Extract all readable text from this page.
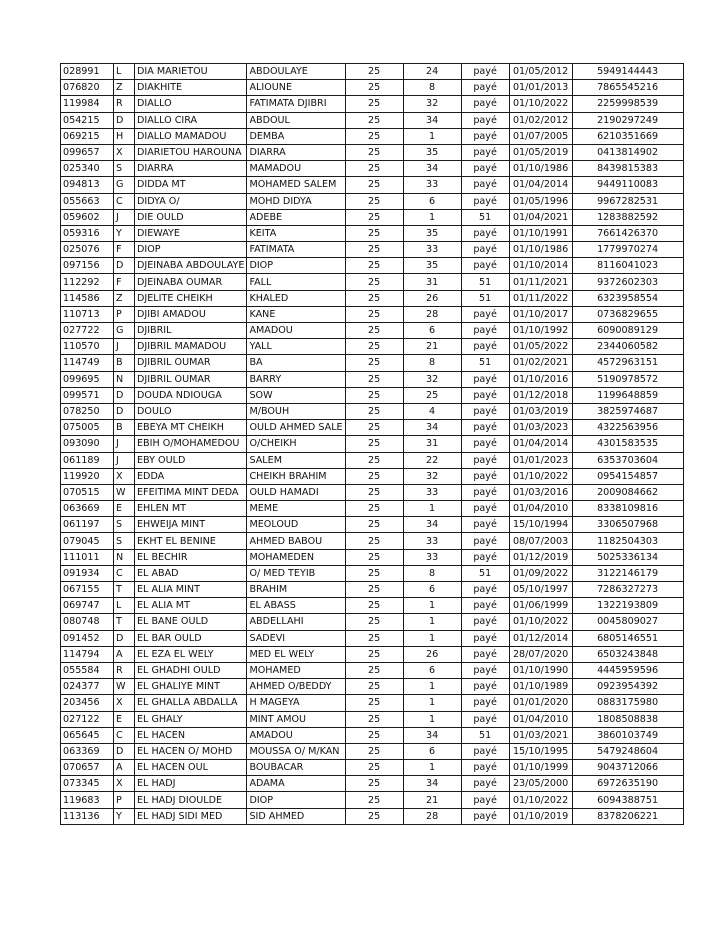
028991	L	DIA MARIETOU	ABDOULAYE	25	24	payé	01/05/2012	5949144443
076820	Z	DIAKHITE	ALIOUNE	25	8	payé	01/01/2013	7865545216
119984	R	DIALLO	FATIMATA DJIBRI	25	32	payé	01/10/2022	2259998539
054215	D	DIALLO CIRA	ABDOUL	25	34	payé	01/02/2012	2190297249
069215	H	DIALLO MAMADOU	DEMBA	25	1	payé	01/07/2005	6210351669
099657	X	DIARIETOU HAROUNA	DIARRA	25	35	payé	01/05/2019	0413814902
025340	S	DIARRA	MAMADOU	25	34	payé	01/10/1986	8439815383
094813	G	DIDDA MT	MOHAMED SALEM	25	33	payé	01/04/2014	9449110083
055663	C	DIDYA O/	MOHD DIDYA	25	6	payé	01/05/1996	9967282531
059602	J	DIE OULD	ADEBE	25	1	51	01/04/2021	1283882592
059316	Y	DIEWAYE	KEITA	25	35	payé	01/10/1991	7661426370
025076	F	DIOP	FATIMATA	25	33	payé	01/10/1986	1779970274
097156	D	DJEINABA ABDOULAYE	DIOP	25	35	payé	01/10/2014	8116041023
112292	F	DJEINABA OUMAR	FALL	25	31	51	01/11/2021	9372602303
114586	Z	DJELITE CHEIKH	KHALED	25	26	51	01/11/2022	6323958554
110713	P	DJIBI AMADOU	KANE	25	28	payé	01/10/2017	0736829655
027722	G	DJIBRIL	AMADOU	25	6	payé	01/10/1992	6090089129
110570	J	DJIBRIL MAMADOU	YALL	25	21	payé	01/05/2022	2344060582
114749	B	DJIBRIL OUMAR	BA	25	8	51	01/02/2021	4572963151
099695	N	DJIBRIL OUMAR	BARRY	25	32	payé	01/10/2016	5190978572
099571	D	DOUDA NDIOUGA	SOW	25	25	payé	01/12/2018	1199648859
078250	D	DOULO	M/BOUH	25	4	payé	01/03/2019	3825974687
075005	B	EBEYA MT CHEIKH	OULD AHMED SALE	25	34	payé	01/03/2023	4322563956
093090	J	EBIH O/MOHAMEDOU	O/CHEIKH	25	31	payé	01/04/2014	4301583535
061189	J	EBY OULD	SALEM	25	22	payé	01/01/2023	6353703604
119920	X	EDDA	CHEIKH BRAHIM	25	32	payé	01/10/2022	0954154857
070515	W	EFEITIMA MINT DEDA	OULD HAMADI	25	33	payé	01/03/2016	2009084662
063669	E	EHLEN MT	MEME	25	1	payé	01/04/2010	8338109816
061197	S	EHWEIJA MINT	MEOLOUD	25	34	payé	15/10/1994	3306507968
079045	S	EKHT EL BENINE	AHMED BABOU	25	33	payé	08/07/2003	1182504303
111011	N	EL BECHIR	MOHAMEDEN	25	33	payé	01/12/2019	5025336134
091934	C	EL ABAD	O/ MED TEYIB	25	8	51	01/09/2022	3122146179
067155	T	EL ALIA MINT	BRAHIM	25	6	payé	05/10/1997	7286327273
069747	L	EL ALIA MT	EL ABASS	25	1	payé	01/06/1999	1322193809
080748	T	EL BANE OULD	ABDELLAHI	25	1	payé	01/10/2022	0045809027
091452	D	EL BAR OULD	SADEVI	25	1	payé	01/12/2014	6805146551
114794	A	EL EZA EL WELY	MED EL WELY	25	26	payé	28/07/2020	6503243848
055584	R	EL GHADHI OULD	MOHAMED	25	6	payé	01/10/1990	4445959596
024377	W	EL GHALIYE MINT	AHMED O/BEDDY	25	1	payé	01/10/1989	0923954392
203456	X	EL GHALLA ABDALLA	H MAGEYA	25	1	payé	01/01/2020	0883175980
027122	E	EL GHALY	MINT AMOU	25	1	payé	01/04/2010	1808508838
065645	C	EL HACEN	AMADOU	25	34	51	01/03/2021	3860103749
063369	D	EL HACEN O/ MOHD	MOUSSA O/ M/KAN	25	6	payé	15/10/1995	5479248604
070657	A	EL HACEN OUL	BOUBACAR	25	1	payé	01/10/1999	9043712066
073345	X	EL HADJ	ADAMA	25	34	payé	23/05/2000	6972635190
119683	P	EL HADJ DIOULDE	DIOP	25	21	payé	01/10/2022	6094388751
113136	Y	EL HADJ SIDI MED	SID AHMED	25	28	payé	01/10/2019	8378206221
